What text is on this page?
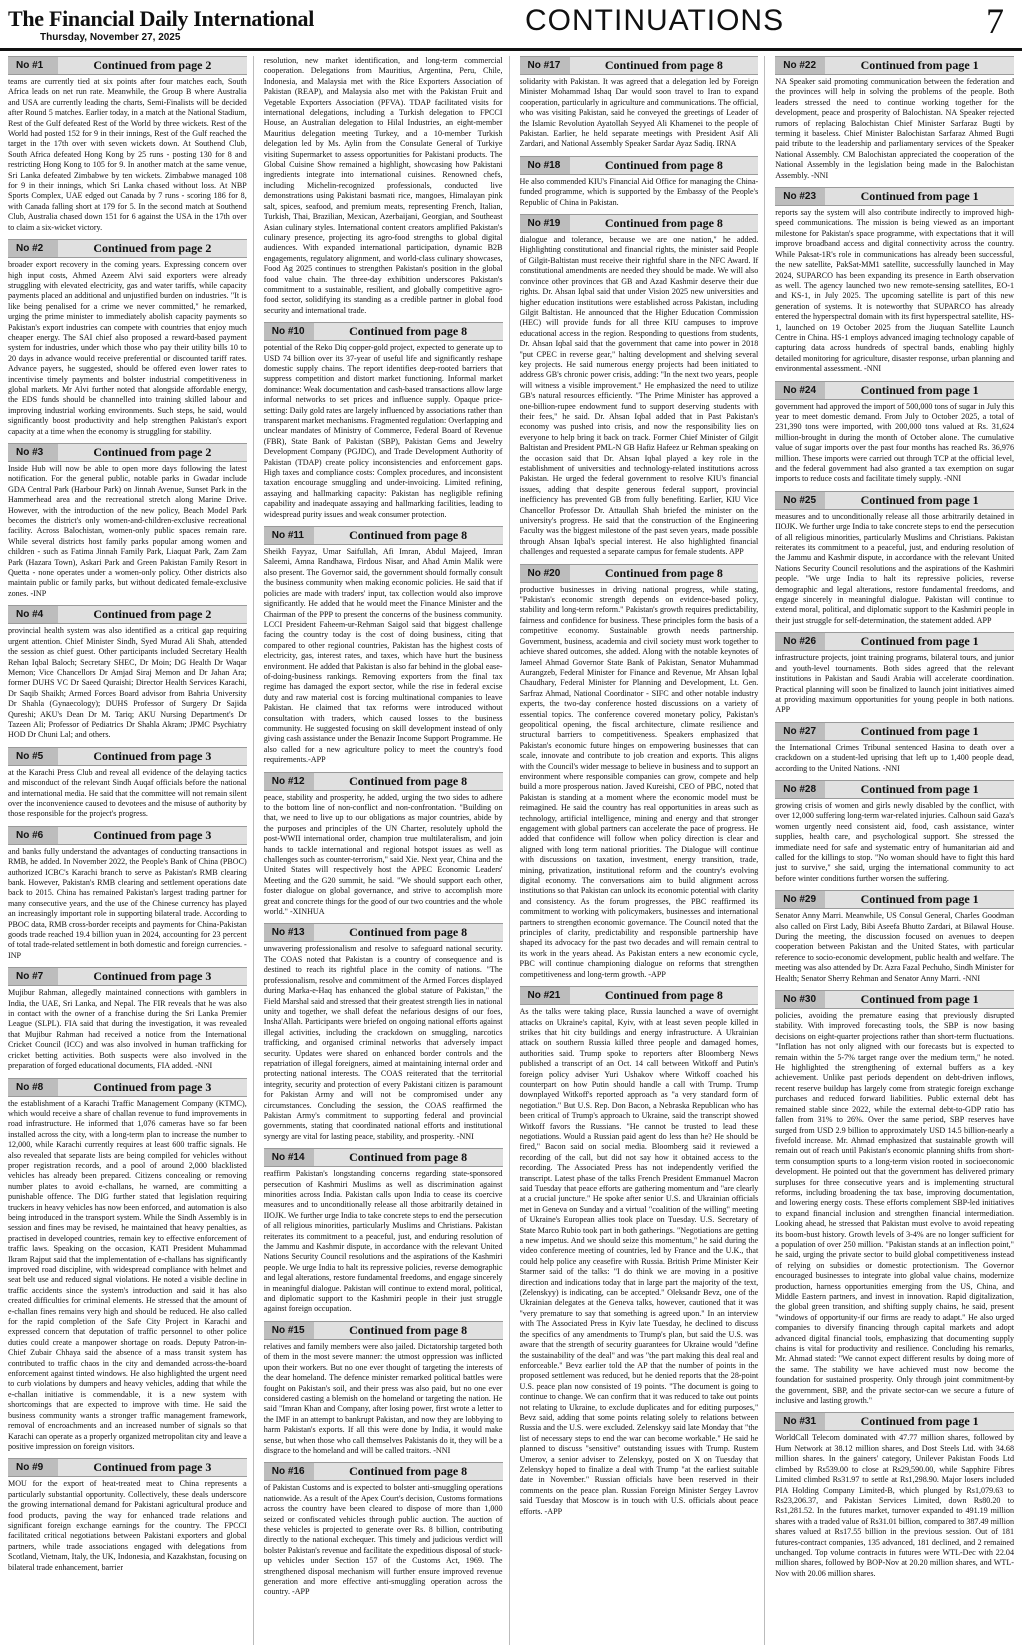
The Financial Daily International
Thursday, November 27, 2025
CONTINUATIONS	7
No #1	Continued from page 2

teams are currently tied at six points after four matches each, South Africa leads on net run rate. Meanwhile, the Group B where Australia and USA are currently leading the charts, Semi-Finalists will be decided after Round 5 matches. Earlier today, in a match at the National Stadium, Rest of the Gulf defeated Rest of the World by three wickets. Rest of the World had posted 152 for 9 in their innings, Rest of the Gulf reached the target in the 17th over with seven wickets down. At Southend Club, South Africa defeated Hong Kong by 25 runs - posting 130 for 8 and restricting Hong Kong to 105 for 9. In another match at the same venue, Sri Lanka defeated Zimbabwe by ten wickets. Zimbabwe managed 108 for 9 in their innings, which Sri Lanka chased without loss. At NBP Sports Complex, UAE edged out Canada by 7 runs - scoring 186 for 8, with Canada falling short at 179 for 5. In the second match at Southend Club, Australia chased down 151 for 6 against the USA in the 17th over to claim a six-wicket victory.

No #2	Continued from page 2

broader export recovery in the coming years. Expressing concern over high input costs, Ahmed Azeem Alvi said exporters were already struggling with elevated electricity, gas and water tariffs, while capacity payments placed an additional and unjustified burden on industries. "It is like being penalised for a crime we never committed," he remarked, urging the prime minister to immediately abolish capacity payments so Pakistan's export industries can compete with countries that enjoy much cheaper energy. The SAI chief also proposed a reward-based payment system for industries, under which those who pay their utility bills 10 to 20 days in advance would receive preferential or discounted tariff rates. Advance payers, he suggested, should be offered even lower rates to incentivise timely payments and bolster industrial competitiveness in global markets. Mr Alvi further noted that alongside affordable energy, the EDS funds should be channelled into training skilled labour and improving industrial working environments. Such steps, he said, would significantly boost productivity and help strengthen Pakistan's export capacity at a time when the economy is struggling for stability.

No #3	Continued from page 2

Inside Hub will now be able to open more days following the latest notification. For the general public, notable parks in Gwadar include GDA Central Park (Harbour Park) on Jinnah Avenue, Sunset Park in the Hammerhead area and the recreational stretch along Marine Drive. However, with the introduction of the new policy, Beach Model Park becomes the district's only women-and-children-exclusive recreational facility. Across Balochistan, women-only public spaces remain rare. While several districts host family parks popular among women and children - such as Fatima Jinnah Family Park, Liaquat Park, Zam Zam Park (Hazara Town), Askari Park and Green Pakistan Family Resort in Quetta - none operates under a women-only policy. Other districts also maintain public or family parks, but without dedicated female-exclusive zones. -INP

No #4	Continued from page 2

provincial health system was also identified as a critical gap requiring urgent attention. Chief Minister Sindh, Syed Murad Ali Shah, attended the session as chief guest. Other participants included Secretary Health Rehan Iqbal Baloch; Secretary SHEC, Dr Moin; DG Health Dr Waqar Memon; Vice Chancellors Dr Amjad Siraj Memon and Dr Jahan Ara; former DUHS VC Dr Saeed Quraishi; Director Health Services Karachi, Dr Saqib Shaikh; Armed Forces Board advisor from Bahria University Dr Shahla (Gynaecology); DUHS Professor of Surgery Dr Sajida Qureshi; AKU's Dean Dr M. Tariq; AKU Nursing Department's Dr Tazeen Ali; Professor of Pediatrics Dr Shahla Akram; JPMC Psychiatry HOD Dr Chuni Lal; and others.

No #5	Continued from page 3

at the Karachi Press Club and reveal all evidence of the delaying tactics and misconduct of the relevant Sindh Auqaf officials before the national and international media. He said that the committee will not remain silent over the inconvenience caused to devotees and the misuse of authority by those responsible for the project's progress.

No #6	Continued from page 3

and banks fully understand the advantages of conducting transactions in RMB, he added. In November 2022, the People's Bank of China (PBOC) authorized ICBC's Karachi branch to serve as Pakistan's RMB clearing bank. However, Pakistan's RMB clearing and settlement operations date back to 2015. China has remained Pakistan's largest trading partner for many consecutive years, and the use of the Chinese currency has played an increasingly important role in supporting bilateral trade. According to PBOC data, RMB cross-border receipts and payments for China-Pakistan goods trade reached 19.4 billion yuan in 2024, accounting for 23 percent of total trade-related settlement in both domestic and foreign currencies. -INP

No #7	Continued from page 3

Mujibur Rahman, allegedly maintained connections with gamblers in India, the UAE, Sri Lanka, and Nepal. The FIR reveals that he was also in contact with the owner of a franchise during the Sri Lanka Premier League (SLPL). FIA said that during the investigation, it was revealed that Mujibur Rahman had received a notice from the International Cricket Council (ICC) and was also involved in human trafficking for cricket betting activities. Both suspects were also involved in the preparation of forged educational documents, FIA added. -NNI

No #8	Continued from page 3

the establishment of a Karachi Traffic Management Company (KTMC), which would receive a share of challan revenue to fund improvements in road infrastructure. He informed that 1,076 cameras have so far been installed across the city, with a long-term plan to increase the number to 12,000, while Karachi currently requires at least 600 traffic signals. He also revealed that separate lists are being compiled for vehicles without proper registration records, and a pool of around 2,000 blacklisted vehicles has already been prepared. Citizens concealing or removing number plates to avoid e-challans, he warned, are committing a punishable offence. The DIG further stated that legislation requiring truckers in heavy vehicles has now been enforced, and automation is also being introduced in the transport system. While the Sindh Assembly is in session and fines may be revised, he maintained that heavy penalties, as practised in developed countries, remain key to effective enforcement of traffic laws. Speaking on the occasion, KATI President Muhammad Ikram Rajput said that the implementation of e-challans has significantly improved road discipline, with widespread compliance with helmet and seat belt use and reduced signal violations. He noted a visible decline in traffic accidents since the system's introduction and said it has also created difficulties for criminal elements. He stressed that the amount of e-challan fines remains very high and should be reduced. He also called for the rapid completion of the Safe City Project in Karachi and expressed concern that deputation of traffic personnel to other police duties could create a manpower shortage on roads. Deputy Patron-in-Chief Zubair Chhaya said the absence of a mass transit system has contributed to traffic chaos in the city and demanded across-the-board enforcement against tinted windows. He also highlighted the urgent need to curb violations by dumpers and heavy vehicles, adding that while the e-challan initiative is commendable, it is a new system with shortcomings that are expected to improve with time. He said the business community wants a stronger traffic management framework, removal of encroachments and an increased number of signals so that Karachi can operate as a properly organized metropolitan city and leave a positive impression on foreign visitors.

No #9	Continued from page 3

MOU for the export of heat-treated meat to China represents a particularly substantial opportunity. Collectively, these deals underscore the growing international demand for Pakistani agricultural produce and food products, paving the way for enhanced trade relations and significant foreign exchange earnings for the country. The FPCCI facilitated critical negotiations between Pakistani exporters and global partners, while trade associations engaged with delegations from Scotland, Vietnam, Italy, the UK, Indonesia, and Kazakhstan, focusing on bilateral trade enhancement, barrier

resolution, new market identification, and long-term commercial cooperation. Delegations from Mauritius, Argentina, Peru, Chile, Indonesia, and Malaysia met with the Rice Exporters Association of Pakistan (REAP), and Malaysia also met with the Pakistan Fruit and Vegetable Exporters Association (PFVA). TDAP facilitated visits for international delegations, including a Turkish delegation to FPCCI House, an Australian delegation to Hilal Industries, an eight-member Mauritius delegation meeting Turkey, and a 10-member Turkish delegation led by Ms. Aylin from the Consulate General of Turkiye visiting Supermarket to assess opportunities for Pakistani products. The Global Cuisine Show remained a highlight, showcasing how Pakistani ingredients integrate into international cuisines. Renowned chefs, including Michelin-recognized professionals, conducted live demonstrations using Pakistani basmati rice, mangoes, Himalayan pink salt, spices, seafood, and premium meats, representing French, Italian, Turkish, Thai, Brazilian, Mexican, Azerbaijani, Georgian, and Southeast Asian culinary styles. International content creators amplified Pakistan's culinary presence, projecting its agro-food strengths to global digital audiences. With expanded international participation, dynamic B2B engagements, regulatory alignment, and world-class culinary showcases, Food Ag 2025 continues to strengthen Pakistan's position in the global food value chain. The three-day exhibition underscores Pakistan's commitment to a sustainable, resilient, and globally competitive agro-food sector, solidifying its standing as a credible partner in global food security and international trade.

No #10	Continued from page 8

potential of the Reko Diq copper-gold project, expected to generate up to USD 74 billion over its 37-year of useful life and significantly reshape domestic supply chains. The report identifies deep-rooted barriers that suppress competition and distort market functioning. Informal market dominance: Weak documentation and cash-based transactions allow large informal networks to set prices and influence supply. Opaque price-setting: Daily gold rates are largely influenced by associations rather than transparent market mechanisms. Fragmented regulation: Overlapping and unclear mandates of Ministry of Commerce, Federal Board of Revenue (FBR), State Bank of Pakistan (SBP), Pakistan Gems and Jewelry Development Company (PGJDC), and Trade Development Authority of Pakistan (TDAP) create policy inconsistencies and enforcement gaps. High taxes and compliance costs: Complex procedures, and inconsistent taxation encourage smuggling and under-invoicing. Limited refining, assaying and hallmarking capacity: Pakistan has negligible refining capability and inadequate assaying and hallmarking facilities, leading to widespread purity issues and weak consumer protection.

No #11	Continued from page 8

Sheikh Fayyaz, Umar Saifullah, Afi Imran, Abdul Majeed, Imran Saleemi, Amna Randhawa, Firdous Nisar, and Ahad Amin Malik were also present. The Governor said, the government should formally consult the business community when making economic policies. He said that if policies are made with traders' input, tax collection would also improve significantly. He added that he would meet the Finance Minister and the Chairman of the PPP to present the concerns of the business community. LCCI President Faheem-ur-Rehman Saigol said that biggest challenge facing the country today is the cost of doing business, citing that compared to other regional countries, Pakistan has the highest costs of electricity, gas, interest rates, and taxes, which have hurt the business environment. He added that Pakistan is also far behind in the global ease-of-doing-business rankings. Removing exporters from the final tax regime has damaged the export sector, while the rise in federal excise duty and raw material cost is forcing multinational companies to leave Pakistan. He claimed that tax reforms were introduced without consultation with traders, which caused losses to the business community. He suggested focusing on skill development instead of only giving cash assistance under the Benazir Income Support Programme. He also called for a new agriculture policy to meet the country's food requirements.-APP

No #12	Continued from page 8

peace, stability and prosperity, he added, urging the two sides to adhere to the bottom line of non-conflict and non-confrontation. "Building on that, we need to live up to our obligations as major countries, abide by the purposes and principles of the UN Charter, resolutely uphold the post-WWII international order, champion true multilateralism, and join hands to tackle international and regional hotspot issues as well as challenges such as counter-terrorism," said Xie. Next year, China and the United States will respectively host the APEC Economic Leaders' Meeting and the G20 summit, he said. "We should support each other, foster dialogue on global governance, and strive to accomplish more great and concrete things for the good of our two countries and the whole world." -XINHUA

No #13	Continued from page 8

unwavering professionalism and resolve to safeguard national security. The COAS noted that Pakistan is a country of consequence and is destined to reach its rightful place in the comity of nations. "The professionalism, resolve and commitment of the Armed Forces displayed during Marka-e-Haq has enhanced the global stature of Pakistan," the Field Marshal said and stressed that their greatest strength lies in national unity and together, we shall defeat the nefarious designs of our foes, Insha'Allah. Participants were briefed on ongoing national efforts against illegal activities, including the crackdown on smuggling, narcotics trafficking, and organised criminal networks that adversely impact security. Updates were shared on enhanced border controls and the repatriation of illegal foreigners, aimed at maintaining internal order and protecting national interests. The COAS reiterated that the territorial integrity, security and protection of every Pakistani citizen is paramount for Pakistan Army and will not be compromised under any circumstances. Concluding the session, the COAS reaffirmed the Pakistan Army's commitment to supporting federal and provincial governments, stating that coordinated national efforts and institutional synergy are vital for lasting peace, stability, and prosperity. -NNI

No #14	Continued from page 8

reaffirm Pakistan's longstanding concerns regarding state-sponsored persecution of Kashmiri Muslims as well as discrimination against minorities across India. Pakistan calls upon India to cease its coercive measures and to unconditionally release all those arbitrarily detained in IIOJK. We further urge India to take concrete steps to end the persecution of all religious minorities, particularly Muslims and Christians. Pakistan reiterates its commitment to a peaceful, just, and enduring resolution of the Jammu and Kashmir dispute, in accordance with the relevant United Nations Security Council resolutions and the aspirations of the Kashmiri people. We urge India to halt its repressive policies, reverse demographic and legal alterations, restore fundamental freedoms, and engage sincerely in meaningful dialogue. Pakistan will continue to extend moral, political, and diplomatic support to the Kashmiri people in their just struggle against foreign occupation.

No #15	Continued from page 8

relatives and family members were also jailed. Dictatorship targeted both of them in the most severe manner: the utmost oppression was inflicted upon their workers. But no one ever thought of targeting the interests of the dear homeland. The defence minister remarked political battles were fought on Pakistan's soil, and their press was also paid, but no one ever considered casting a blemish on the homeland or targeting the nation. He said "Imran Khan and Company, after losing power, first wrote a letter to the IMF in an attempt to bankrupt Pakistan, and now they are lobbying to harm Pakistan's exports. If all this were done by India, it would make sense, but when those who call themselves Pakistanis do it, they will be a disgrace to the homeland and will be called traitors. -NNI

No #16	Continued from page 8

of Pakistan Customs and is expected to bolster anti-smuggling operations nationwide. As a result of the Apex Court's decision, Customs formations across the country have been cleared to dispose of more than 1,000 seized or confiscated vehicles through public auction. The auction of these vehicles is projected to generate over Rs. 8 billion, contributing directly to the national exchequer. This timely and judicious verdict will bolster Pakistan's revenue and facilitate the expeditious disposal of stuck-up vehicles under Section 157 of the Customs Act, 1969. The strengthened disposal mechanism will further ensure improved revenue generation and more effective anti-smuggling operation across the country. -APP

No #17	Continued from page 8

solidarity with Pakistan. It was agreed that a delegation led by Foreign Minister Mohammad Ishaq Dar would soon travel to Iran to expand cooperation, particularly in agriculture and communications. The official, who was visiting Pakistan, said he conveyed the greetings of Leader of the Islamic Revolution Ayatollah Seyyed Ali Khamenei to the people of Pakistan. Earlier, he held separate meetings with President Asif Ali Zardari, and National Assembly Speaker Sardar Ayaz Sadiq. IRNA

No #18	Continued from page 8

He also commended KIU's Financial Aid Office for managing the China-funded programme, which is supported by the Embassy of the People's Republic of China in Pakistan.

No #19	Continued from page 8

dialogue and tolerance, because we are one nation," he added. Highlighting constitutional and financial rights, the minister said People of Gilgit-Baltistan must receive their rightful share in the NFC Award. If constitutional amendments are needed they should be made. We will also convince other provinces that GB and Azad Kashmir deserve their due rights. Dr. Ahsan Iqbal said that under Vision 2025 new universities and higher education institutions were established across Pakistan, including Gilgit Baltistan. He announced that the Higher Education Commission (HEC) will provide funds for all three KIU campuses to improve educational access in the region. Responding to questions from students, Dr. Ahsan Iqbal said that the government that came into power in 2018 "put CPEC in reverse gear," halting development and shelving several key projects. He said numerous energy projects had been initiated to address GB's chronic power crisis, adding: "In the next two years, people will witness a visible improvement." He emphasized the need to utilize GB's natural resources efficiently. "The Prime Minister has approved a one-billion-rupee endowment fund to support deserving students with their fees," he said. Dr. Ahsan Iqbal added that in Past Pakistan's economy was pushed into crisis, and now the responsibility lies on everyone to help bring it back on track. Former Chief Minister of Gilgit Baltistan and President PML-N GB Hafiz Hafeez ur Rehman speaking on the occasion said that Dr. Ahsan Iqbal played a key role in the establishment of universities and technology-related institutions across Pakistan. He urged the federal government to resolve KIU's financial issues, adding that despite generous federal support, provincial inefficiency has prevented GB from fully benefiting. Earlier, KIU Vice Chancellor Professor Dr. Attaullah Shah briefed the minister on the university's progress. He said that the construction of the Engineering Faculty was the biggest milestone of the past seven years, made possible through Ahsan Iqbal's special interest. He also highlighted financial challenges and requested a separate campus for female students. APP

No #20	Continued from page 8

productive businesses in driving national progress, while stating, "Pakistan's economic strength depends on evidence-based policy, stability and long-term reform." Pakistan's growth requires predictability, fairness and confidence for business. These principles form the basis of a competitive economy. Sustainable growth needs partnership. Government, business, academia and civil society must work together to achieve shared outcomes, she added. Along with the notable keynotes of Jameel Ahmad Governor State Bank of Pakistan, Senator Muhammad Aurangzeb, Federal Minister for Finance and Revenue, Mr Ahsan Iqbal Chaudhary, Federal Minister for Planning and Development, Lt. Gen. Sarfraz Ahmad, National Coordinator - SIFC and other notable industry experts, the two-day conference hosted discussions on a variety of essential topics. The conference covered monetary policy, Pakistan's geopolitical opening, the fiscal architecture, climate resilience and structural barriers to competitiveness. Speakers emphasized that Pakistan's economic future hinges on empowering businesses that can scale, innovate and contribute to job creation and exports. This aligns with the Council's wider message to believe in business and to support an environment where responsible companies can grow, compete and help build a more prosperous nation. Javed Kureishi, CEO of PBC, noted that Pakistan is standing at a moment where the economic model must be reimagined. He said the country has real opportunities in areas such as technology, artificial intelligence, mining and energy and that stronger engagement with global partners can accelerate the pace of progress. He added that confidence will follow when policy direction is clear and aligned with long term national priorities. The Dialogue will continue with discussions on taxation, investment, energy transition, trade, mining, privatization, institutional reform and the country's evolving digital economy. The conversations aim to build alignment across institutions so that Pakistan can unlock its economic potential with clarity and consistency. As the forum progresses, the PBC reaffirmed its commitment to working with policymakers, businesses and international partners to strengthen economic governance. The Council noted that the principles of clarity, predictability and responsible partnership have shaped its advocacy for the past two decades and will remain central to its work in the years ahead. As Pakistan enters a new economic cycle, PBC will continue championing dialogue on reforms that strengthen competitiveness and long-term growth. -APP

No #21	Continued from page 8

As the talks were taking place, Russia launched a wave of overnight attacks on Ukraine's capital, Kyiv, with at least seven people killed in strikes that hit city buildings and energy infrastructure. A Ukrainian attack on southern Russia killed three people and damaged homes, authorities said. Trump spoke to reporters after Bloomberg News published a transcript of an Oct. 14 call between Witkoff and Putin's foreign policy adviser Yuri Ushakov where Witkoff coached his counterpart on how Putin should handle a call with Trump. Trump downplayed Witkoff's reported approach as "a very standard form of negotiation." But U.S. Rep. Don Bacon, a Nebraska Republican who has been critical of Trump's approach to Ukraine, said the transcript showed Witkoff favors the Russians. "He cannot be trusted to lead these negotiations. Would a Russian paid agent do less than he? He should be fired," Bacon said on social media. Bloomberg said it reviewed a recording of the call, but did not say how it obtained access to the recording. The Associated Press has not independently verified the transcript. Latest phase of the talks French President Emmanuel Macron said Tuesday that peace efforts are gathering momentum and "are clearly at a crucial juncture." He spoke after senior U.S. and Ukrainian officials met in Geneva on Sunday and a virtual "coalition of the willing" meeting of Ukraine's European allies took place on Tuesday. U.S. Secretary of State Marco Rubio took part in both gatherings. "Negotiations are getting a new impetus. And we should seize this momentum," he said during the video conference meeting of countries, led by France and the U.K., that could help police any ceasefire with Russia. British Prime Minister Keir Starmer said of the talks: "I do think we are moving in a positive direction and indications today that in large part the majority of the text, (Zelenskyy) is indicating, can be accepted." Oleksandr Bevz, one of the Ukrainian delegates at the Geneva talks, however, cautioned that it was "very premature to say that something is agreed upon." In an interview with The Associated Press in Kyiv late Tuesday, he declined to discuss the specifics of any amendments to Trump's plan, but said the U.S. was aware that the strength of security guarantees for Ukraine would "define the sustainability of the deal" and was "the part making this deal real and enforceable." Bevz earlier told the AP that the number of points in the proposed settlement was reduced, but he denied reports that the 28-point U.S. peace plan now consisted of 19 points. "The document is going to continue to change. We can confirm that it was reduced to take out points not relating to Ukraine, to exclude duplicates and for editing purposes," Bevz said, adding that some points relating solely to relations between Russia and the U.S. were excluded. Zelenskyy said late Monday that "the list of necessary steps to end the war can become workable." He said he planned to discuss "sensitive" outstanding issues with Trump. Rustem Umerov, a senior adviser to Zelenskyy, posted on X on Tuesday that Zelenskyy hoped to finalize a deal with Trump "at the earliest suitable date in November." Russian officials have been reserved in their comments on the peace plan. Russian Foreign Minister Sergey Lavrov said Tuesday that Moscow is in touch with U.S. officials about peace efforts. -APP

No #22	Continued from page 1

NA Speaker said promoting communication between the federation and the provinces will help in solving the problems of the people. Both leaders stressed the need to continue working together for the development, peace and prosperity of Balochistan. NA Speaker rejected rumors of replacing Balochistan Chief Minister Sarfaraz Bugti by terming it baseless. Chief Minister Balochistan Sarfaraz Ahmed Bugti paid tribute to the leadership and parliamentary services of the Speaker National Assembly. CM Balochistan appreciated the cooperation of the National Assembly in the legislation being made in the Balochistan Assembly. -NNI

No #23	Continued from page 1

reports say the system will also contribute indirectly to improved high-speed communications. The mission is being viewed as an important milestone for Pakistan's space programme, with expectations that it will improve broadband access and digital connectivity across the country. While Paksat-1R's role in communications has already been successful, the new satellite, PakSat-MM1 satellite, successfully launched in May 2024, SUPARCO has been expanding its presence in Earth observation as well. The agency launched two new remote-sensing satellites, EO-1 and KS-1, in July 2025. The upcoming satellite is part of this new generation of systems. It is noteworthy that SUPARCO has already entered the hyperspectral domain with its first hyperspectral satellite, HS-1, launched on 19 October 2025 from the Jiuquan Satellite Launch Centre in China. HS-1 employs advanced imaging technology capable of capturing data across hundreds of spectral bands, enabling highly detailed monitoring for agriculture, disaster response, urban planning and environmental assessment. -NNI

No #24	Continued from page 1

government had approved the import of 500,000 tons of sugar in July this year to meet domestic demand. From July to October 2025, a total of 231,390 tons were imported, with 200,000 tons valued at Rs. 31,624 million-brought in during the month of October alone. The cumulative value of sugar imports over the past four months has reached Rs. 36,976 million. These imports were carried out through TCP at the official level, and the federal government had also granted a tax exemption on sugar imports to reduce costs and facilitate timely supply. -NNI

No #25	Continued from page 1

measures and to unconditionally release all those arbitrarily detained in IIOJK. We further urge India to take concrete steps to end the persecution of all religious minorities, particularly Muslims and Christians. Pakistan reiterates its commitment to a peaceful, just, and enduring resolution of the Jammu and Kashmir dispute, in accordance with the relevant United Nations Security Council resolutions and the aspirations of the Kashmiri people. "We urge India to halt its repressive policies, reverse demographic and legal alterations, restore fundamental freedoms, and engage sincerely in meaningful dialogue. Pakistan will continue to extend moral, political, and diplomatic support to the Kashmiri people in their just struggle for self-determination, the statement added. APP

No #26	Continued from page 1

infrastructure projects, joint training programs, bilateral tours, and junior and youth-level tournaments. Both sides agreed that the relevant institutions in Pakistan and Saudi Arabia will accelerate coordination. Practical planning will soon be finalized to launch joint initiatives aimed at providing maximum opportunities for young people in both nations. APP

No #27	Continued from page 1

the International Crimes Tribunal sentenced Hasina to death over a crackdown on a student-led uprising that left up to 1,400 people dead, according to the United Nations. -NNI

No #28	Continued from page 1

growing crisis of women and girls newly disabled by the conflict, with over 12,000 suffering long-term war-related injuries. Calhoun said Gaza's women urgently need consistent aid, food, cash assistance, winter supplies, health care, and psychological support. She stressed the immediate need for safe and systematic entry of humanitarian aid and called for the killings to stop. "No woman should have to fight this hard just to survive," she said, urging the international community to act before winter conditions further worsen the suffering.

No #29	Continued from page 1

Senator Anny Marri. Meanwhile, US Consul General, Charles Goodman also called on First Lady, Bibi Aseefa Bhutto Zardari, at Bilawal House. During the meeting, the discussion focused on avenues to deepen cooperation between Pakistan and the United States, with particular reference to socio-economic development, public health and welfare. The meeting was also attended by Dr. Azra Fazal Pechuho, Sindh Minister for Health; Senator Sherry Rehman and Senator Anny Marri. -NNI

No #30	Continued from page 1

policies, avoiding the premature easing that previously disrupted stability. With improved forecasting tools, the SBP is now basing decisions on eight-quarter projections rather than short-term fluctuations. "Inflation has not only aligned with our forecasts but is expected to remain within the 5-7% target range over the medium term," he noted. He highlighted the strengthening of external buffers as a key achievement. Unlike past periods dependent on debt-driven inflows, recent reserve buildup has largely come from strategic foreign exchange purchases and reduced forward liabilities. Public external debt has remained stable since 2022, while the external debt-to-GDP ratio has fallen from 31% to 26%. Over the same period, SBP reserves have surged from USD 2.9 billion to approximately USD 14.5 billion-nearly a fivefold increase. Mr. Ahmad emphasized that sustainable growth will remain out of reach until Pakistan's economic planning shifts from short-term consumption spurts to a long-term vision rooted in socioeconomic development. He pointed out that the government has delivered primary surpluses for three consecutive years and is implementing structural reforms, including broadening the tax base, improving documentation, and lowering energy costs. These efforts complement SBP-led initiatives to expand financial inclusion and strengthen financial intermediation. Looking ahead, he stressed that Pakistan must evolve to avoid repeating its boom-bust history. Growth levels of 3-4% are no longer sufficient for a population of over 250 million. "Pakistan stands at an inflection point," he said, urging the private sector to build global competitiveness instead of relying on subsidies or domestic protectionism. The Governor encouraged businesses to integrate into global value chains, modernize production, harness opportunities emerging from the US, China, and Middle Eastern partners, and invest in innovation. Rapid digitalization, the global green transition, and shifting supply chains, he said, present "windows of opportunity-if our firms are ready to adapt." He also urged companies to diversify financing through capital markets and adopt advanced digital financial tools, emphasizing that documenting supply chains is vital for productivity and resilience. Concluding his remarks, Mr. Ahmad stated: "We cannot expect different results by doing more of the same. The stability we have achieved must now become the foundation for sustained prosperity. Only through joint commitment-by the government, SBP, and the private sector-can we secure a future of inclusive and lasting growth."

No #31	Continued from page 1

WorldCall Telecom dominated with 47.77 million shares, followed by Hum Network at 38.12 million shares, and Dost Steels Ltd. with 34.68 million shares. In the gainers' category, Unilever Pakistan Foods Ltd climbed by Rs539.00 to close at Rs29,590.00, while Sapphire Fibres Limited climbed Rs31.97 to settle at Rs1,298.90. Major losers included PIA Holding Company Limited-B, which plunged by Rs1,079.63 to Rs23,206.37, and Pakistan Services Limited, down Rs80.20 to Rs1,281.52. In the futures market, turnover expanded to 491.19 million shares with a traded value of Rs31.01 billion, compared to 387.49 million shares valued at Rs17.55 billion in the previous session. Out of 181 futures-contract companies, 135 advanced, 181 declined, and 2 remained unchanged. Top volume contracts in futures were WTL-Dec with 22.04 million shares, followed by BOP-Nov at 20.20 million shares, and WTL-Nov with 20.06 million shares.
